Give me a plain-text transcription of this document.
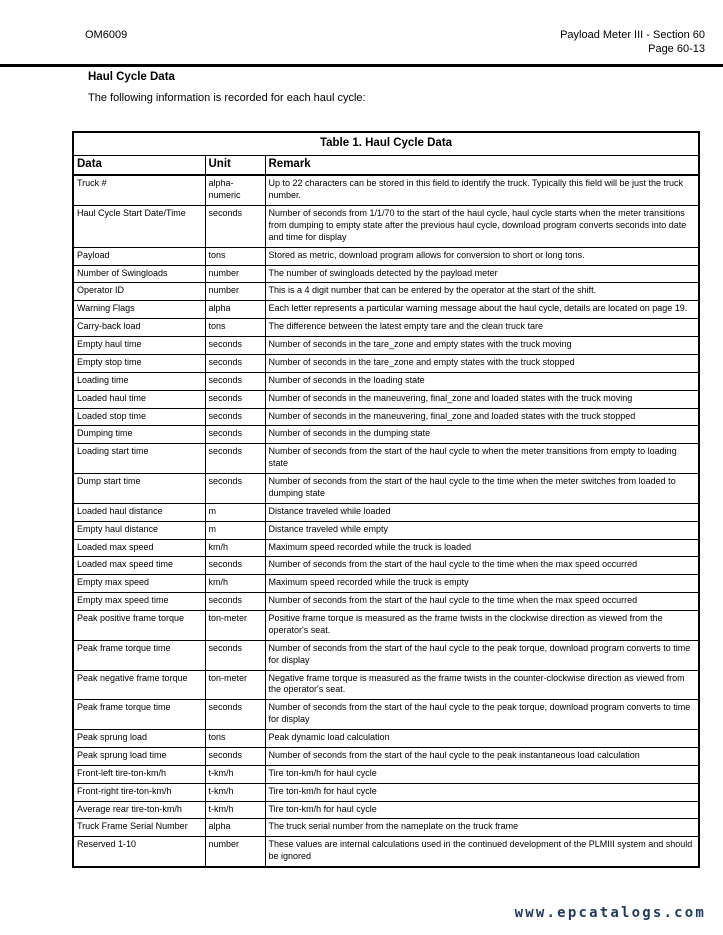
OM6009	Payload Meter III - Section 60
Page 60-13
Haul Cycle Data

The following information is recorded for each haul cycle:

Table 1. Haul Cycle Data		
Data	Unit	Remark
Truck #	alpha-numeric	Up to 22 characters can be stored in this field to identify the truck. Typically this field will be just the truck number.
Haul Cycle Start Date/Time	seconds	Number of seconds from 1/1/70 to the start of the haul cycle, haul cycle starts when the meter transitions from dumping to empty state after the previous haul cycle, download program converts seconds into date and time for display
Payload	tons	Stored as metric, download program allows for conversion to short or long tons.
Number of Swingloads	number	The number of swingloads detected by the payload meter
Operator ID	number	This is a 4 digit number that can be entered by the operator at the start of the shift.
Warning Flags	alpha	Each letter represents a particular warning message about the haul cycle, details are located on page 19.
Carry-back load	tons	The difference between the latest empty tare and the clean truck tare
Empty haul time	seconds	Number of seconds in the tare_zone and empty states with the truck moving
Empty stop time	seconds	Number of seconds in the tare_zone and empty states with the truck stopped
Loading time	seconds	Number of seconds in the loading state
Loaded haul time	seconds	Number of seconds in the maneuvering, final_zone and loaded states with the truck moving
Loaded stop time	seconds	Number of seconds in the maneuvering, final_zone and loaded states with the truck stopped
Dumping time	seconds	Number of seconds in the dumping state
Loading start time	seconds	Number of seconds from the start of the haul cycle to when the meter transitions from empty to loading state
Dump start time	seconds	Number of seconds from the start of the haul cycle to the time when the meter switches from loaded to dumping state
Loaded haul distance	m	Distance traveled while loaded
Empty haul distance	m	Distance traveled while empty
Loaded max speed	km/h	Maximum speed recorded while the truck is loaded
Loaded max speed time	seconds	Number of seconds from the start of the haul cycle to the time when the max speed occurred
Empty max speed	km/h	Maximum speed recorded while the truck is empty
Empty max speed time	seconds	Number of seconds from the start of the haul cycle to the time when the max speed occurred
Peak positive frame torque	ton-meter	Positive frame torque is measured as the frame twists in the clockwise direction as viewed from the operator's seat.
Peak frame torque time	seconds	Number of seconds from the start of the haul cycle to the peak torque, download program converts to time for display
Peak negative frame torque	ton-meter	Negative frame torque is measured as the frame twists in the counter-clockwise direction as viewed from the operator's seat.
Peak frame torque time	seconds	Number of seconds from the start of the haul cycle to the peak torque, download program converts to time for display
Peak sprung load	tons	Peak dynamic load calculation
Peak sprung load time	seconds	Number of seconds from the start of the haul cycle to the peak instantaneous load calculation
Front-left tire-ton-km/h	t-km/h	Tire ton-km/h for haul cycle
Front-right tire-ton-km/h	t-km/h	Tire ton-km/h for haul cycle
Average rear tire-ton-km/h	t-km/h	Tire ton-km/h for haul cycle
Truck Frame Serial Number	alpha	The truck serial number from the nameplate on the truck frame
Reserved 1-10	number	These values are internal calculations used in the continued development of the PLMIII system and should be ignored
www.epcatalogs.com
